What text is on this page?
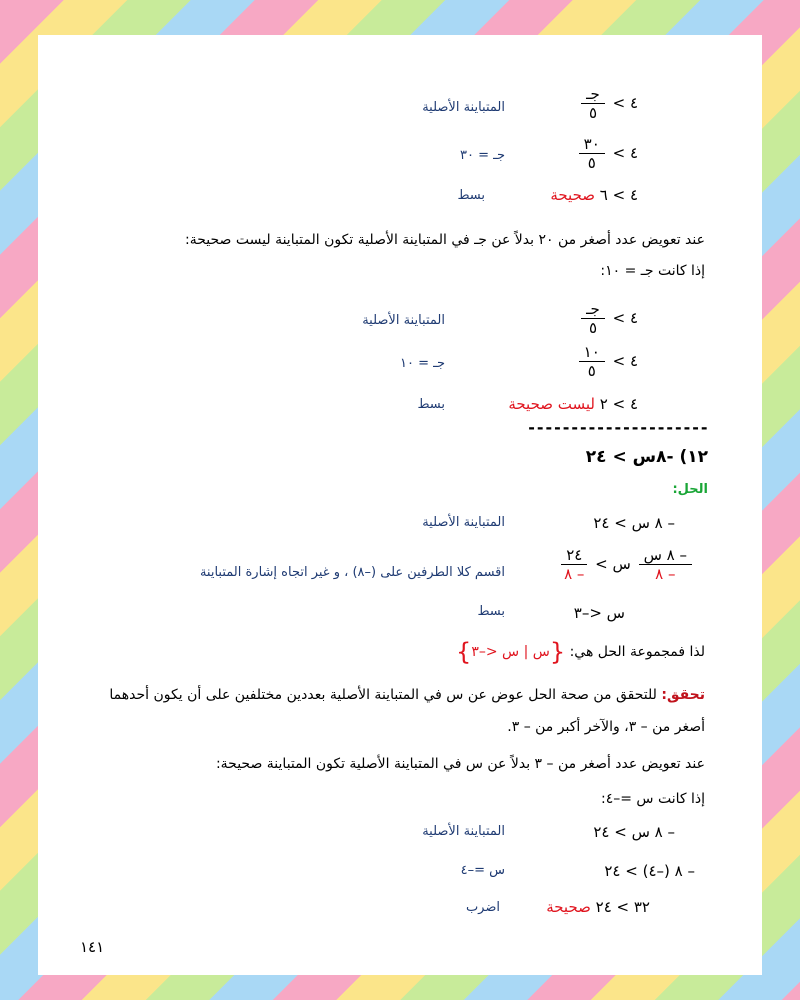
٤ >
$\frac{\text{جـ}}{٥}$
المتباينة الأصلية
٤ >
$\frac{٣٠}{٥}$
جـ = ٣٠
٤ > ٦ صحيحة
بسط
عند تعويض عدد أصغر من ٢٠ بدلاً عن جـ في المتباينة الأصلية تكون المتباينة ليست صحيحة:
إذا كانت جـ = ١٠:
٤ >
$\frac{\text{جـ}}{٥}$
المتباينة الأصلية
٤ >
$\frac{١٠}{٥}$
جـ = ١٠
٤ > ٢ ليست صحيحة
بسط
---------------------
١٢) -٨س > ٢٤
الحل:
– ٨ س > ٢٤
المتباينة الأصلية
$\frac{\text{– ٨ س}}{- ٨}$
س >
$\frac{٢٤}{- ٨}$
اقسم كلا الطرفين على (–٨) ، و غير اتجاه إشارة المتباينة
س <–٣
بسط
لذا فمجموعة الحل هي: {س | س <–٣}
تحقق: للتحقق من صحة الحل عوض عن س في المتباينة الأصلية بعددين مختلفين على أن يكون أحدهما
أصغر من – ٣، والآخر أكبر من – ٣.
عند تعويض عدد أصغر من – ٣ بدلاً عن س في المتباينة الأصلية تكون المتباينة صحيحة:
إذا كانت س =–٤:
– ٨ س > ٢٤
المتباينة الأصلية
– ٨ (–٤) > ٢٤
س =–٤
٣٢ > ٢٤ صحيحة
اضرب
١٤١
